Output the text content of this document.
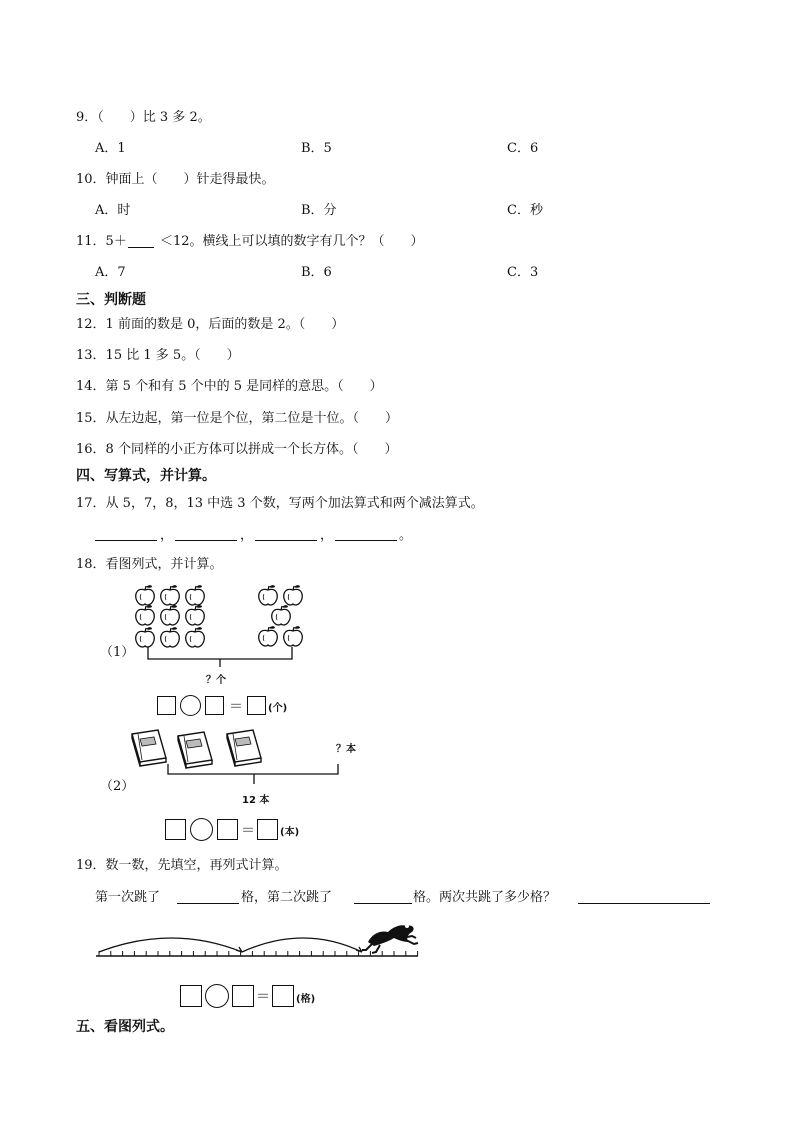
9．（　　）比 3 多 2。
A．1	B．5	C．6
10．钟面上（　　）针走得最快。
A．时	B．分	C．秒
11．5＋	＜12。横线上可以填的数字有几个？（　　）
A．7	B．6	C．3
三、判断题
12．1 前面的数是 0，后面的数是 2。（　　）
13．15 比 1 多 5。（　　）
14．第 5 个和有 5 个中的 5 是同样的意思。（　　）
15．从左边起，第一位是个位，第二位是十位。（　　）
16．8 个同样的小正方体可以拼成一个长方体。（　　）
四、写算式，并计算。
17．从 5，7，8，13 中选 3 个数，写两个加法算式和两个减法算式。
，	，	，	。
18．看图列式，并计算。
（1）
？个
＝	(个)
？本
（2）
12 本
＝	(本)
19．数一数，先填空，再列式计算。
第一次跳了	格，第二次跳了	格。两次共跳了多少格？
＝	(格)
五、看图列式。
